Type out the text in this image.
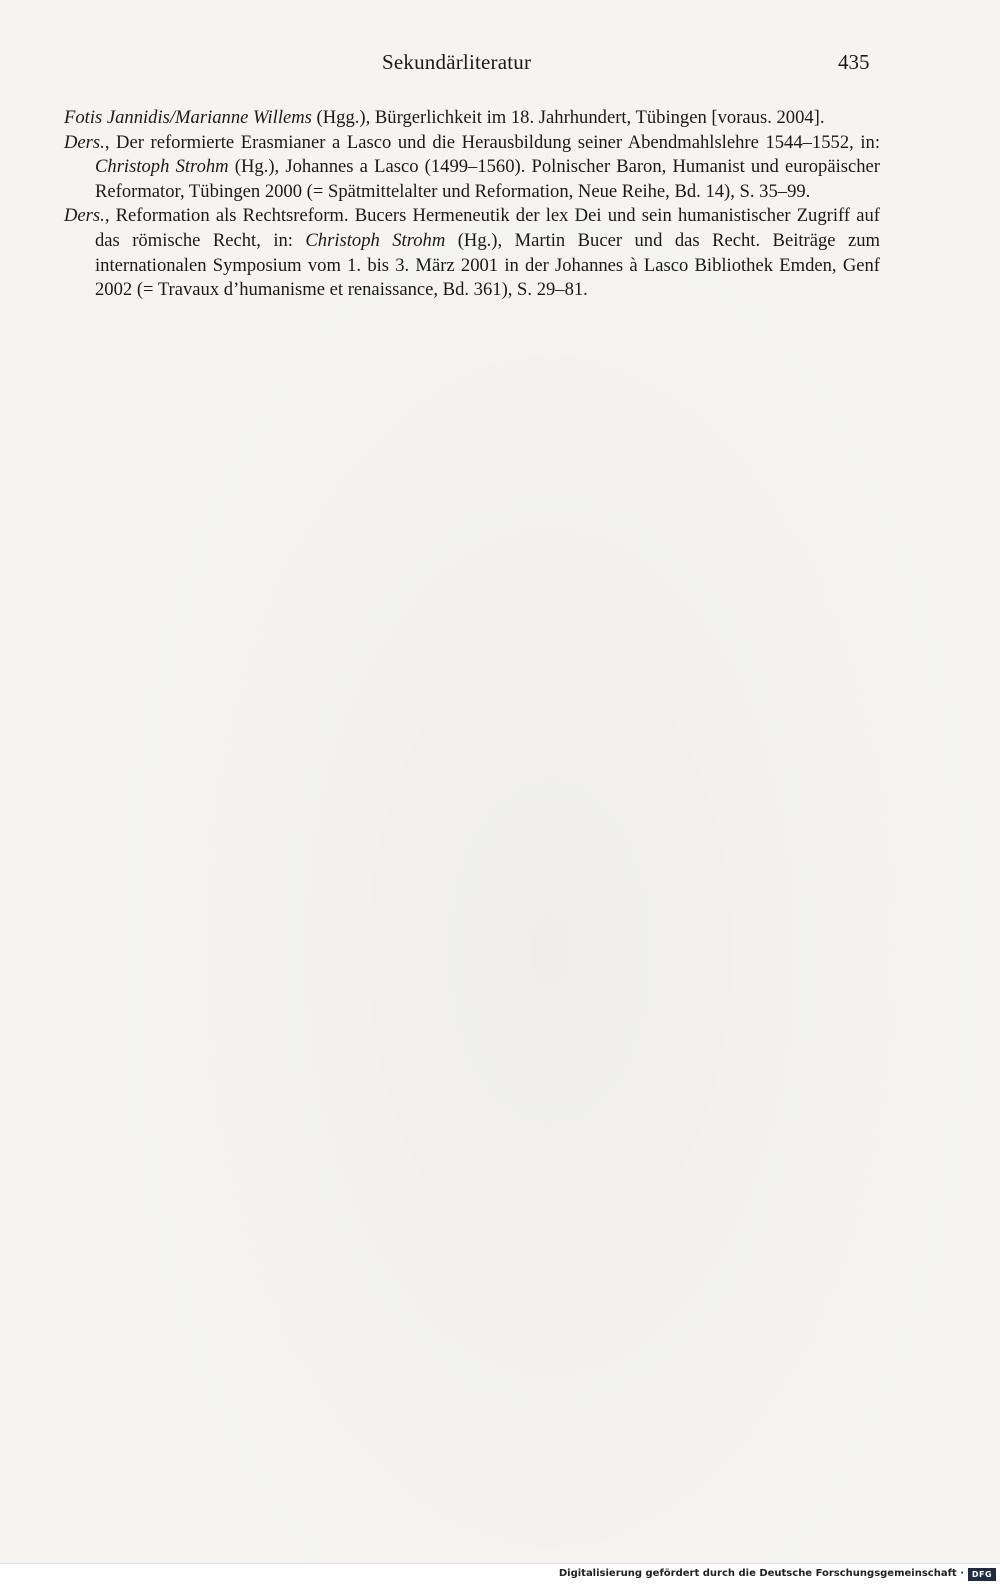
Sekundärliteratur	435

Fotis Jannidis/Marianne Willems (Hgg.), Bürgerlichkeit im 18. Jahrhundert, Tübingen [voraus. 2004].

Ders., Der reformierte Erasmianer a Lasco und die Herausbildung seiner Abendmahlslehre 1544–1552, in: Christoph Strohm (Hg.), Johannes a Lasco (1499–1560). Polnischer Baron, Humanist und europäischer Reformator, Tübingen 2000 (= Spätmittelalter und Reformation, Neue Reihe, Bd. 14), S. 35–99.

Ders., Reformation als Rechtsreform. Bucers Hermeneutik der lex Dei und sein humanistischer Zugriff auf das römische Recht, in: Christoph Strohm (Hg.), Martin Bucer und das Recht. Beiträge zum internationalen Symposium vom 1. bis 3. März 2001 in der Johannes à Lasco Bibliothek Emden, Genf 2002 (= Travaux d’humanisme et renaissance, Bd. 361), S. 29–81.

Digitalisierung gefördert durch die Deutsche Forschungsgemeinschaft · DFG
